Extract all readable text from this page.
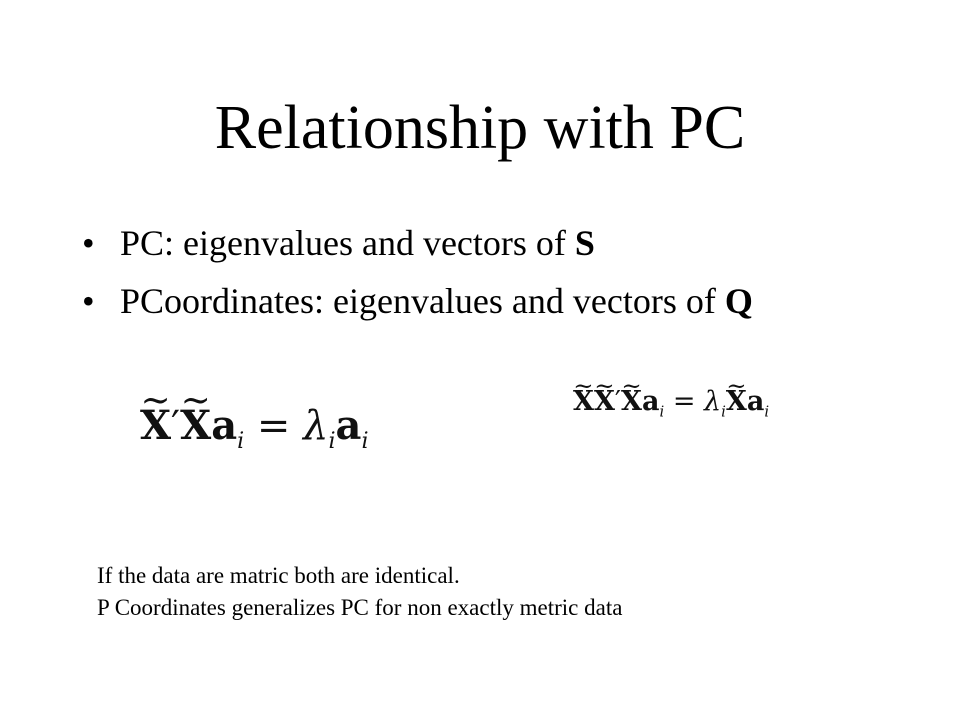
Relationship with PC
• PC: eigenvalues and vectors of S
• PCoordinates: eigenvalues and vectors of Q
~ X′~ $Xa_i = \lambda_ia_i$
~ X~ X′~ $Xa_i$ = $\lambda_i\sim$ $Xa_i$

If the data are matric both are identical.

P Coordinates generalizes PC for non exactly metric data
